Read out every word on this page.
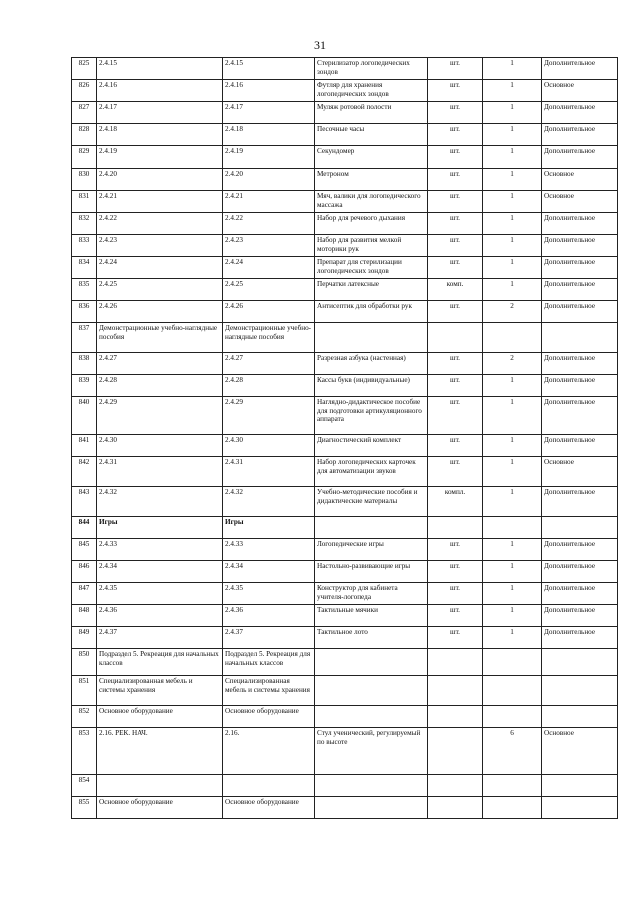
31
825	2.4.15	2.4.15	Стерилизатор логопедических зондов	шт.	1	Дополнительное
826	2.4.16	2.4.16	Футляр для хранения логопедических зондов	шт.	1	Основное
827	2.4.17	2.4.17	Муляж ротовой полости	шт.	1	Дополнительное
828	2.4.18	2.4.18	Песочные часы	шт.	1	Дополнительное
829	2.4.19	2.4.19	Секундомер	шт.	1	Дополнительное
830	2.4.20	2.4.20	Метроном	шт.	1	Основное
831	2.4.21	2.4.21	Мяч, валики для логопедического массажа	шт.	1	Основное
832	2.4.22	2.4.22	Набор для речевого дыхания	шт.	1	Дополнительное
833	2.4.23	2.4.23	Набор для развития мелкой моторики рук	шт.	1	Дополнительное
834	2.4.24	2.4.24	Препарат для стерилизации логопедических зондов	шт.	1	Дополнительное
835	2.4.25	2.4.25	Перчатки латексные	комп.	1	Дополнительное
836	2.4.26	2.4.26	Антисептик для обработки рук	шт.	2	Дополнительное
837	Демонстрационные учебно-наглядные пособия	Демонстрационные учебно-наглядные пособия				
838	2.4.27	2.4.27	Разрезная азбука (настенная)	шт.	2	Дополнительное
839	2.4.28	2.4.28	Кассы букв (индивидуальные)	шт.	1	Дополнительное
840	2.4.29	2.4.29	Наглядно-дидактическое пособие для подготовки артикуляционного аппарата	шт.	1	Дополнительное
841	2.4.30	2.4.30	Диагностический комплект	шт.	1	Дополнительное
842	2.4.31	2.4.31	Набор логопедических карточек для автоматизации звуков	шт.	1	Основное
843	2.4.32	2.4.32	Учебно-методические пособия и дидактические материалы	компл.	1	Дополнительное
844	Игры	Игры				
845	2.4.33	2.4.33	Логопедические игры	шт.	1	Дополнительное
846	2.4.34	2.4.34	Настольно-развивающие игры	шт.	1	Дополнительное
847	2.4.35	2.4.35	Конструктор для кабинета учителя-логопеда	шт.	1	Дополнительное
848	2.4.36	2.4.36	Тактильные мячики	шт.	1	Дополнительное
849	2.4.37	2.4.37	Тактильное лото	шт.	1	Дополнительное
850	Подраздел 5. Рекреация для начальных классов	Подраздел 5. Рекреация для начальных классов				
851	Специализированная мебель и системы хранения	Специализированная мебель и системы хранения				
852	Основное оборудование	Основное оборудование				
853	2.16. РЕК. НАЧ.	2.16.	Стул ученический, регулируемый по высоте		6	Основное
854						
855	Основное оборудование	Основное оборудование				
